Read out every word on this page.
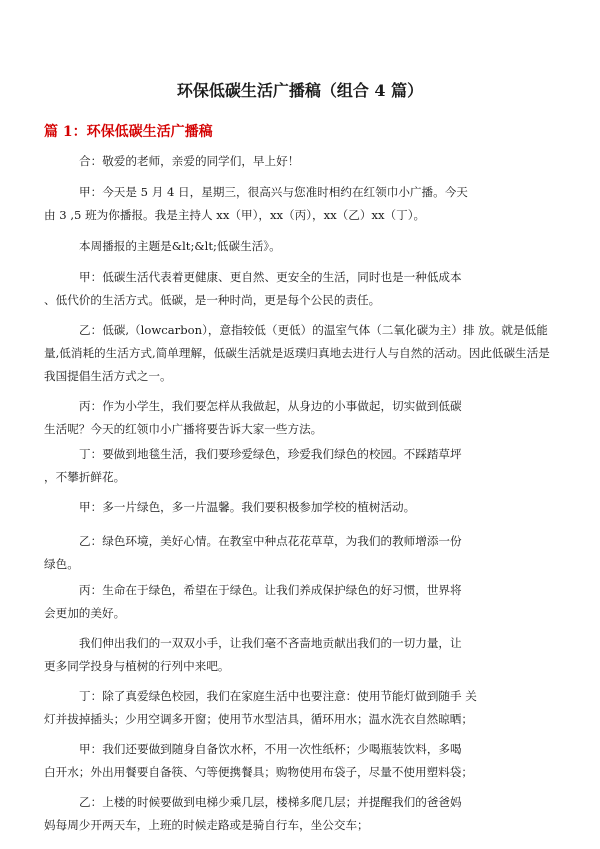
环保低碳生活广播稿（组合 4 篇）
篇 1：环保低碳生活广播稿

合：敬爱的老师，亲爱的同学们，早上好！

甲：今天是 5 月 4 日，星期三，很高兴与您准时相约在红领巾小广播。今天
由 3 ,5 班为你播报。我是主持人 xx（甲），xx（丙），xx（乙）xx（丁）。

本周播报的主题是&lt;&lt;低碳生活》。

甲：低碳生活代表着更健康、更自然、更安全的生活，同时也是一种低成本
、低代价的生活方式。低碳，是一种时尚，更是每个公民的责任。

乙：低碳,（lowcarbon），意指较低（更低）的温室气体（二氧化碳为主）排 放。就是低能
量,低消耗的生活方式,简单理解，低碳生活就是返璞归真地去进行人与自然的活动。因此低碳生活是
我国提倡生活方式之一。

丙：作为小学生，我们要怎样从我做起，从身边的小事做起，切实做到低碳
生活呢？今天的红领巾小广播将要告诉大家一些方法。

丁：要做到地毯生活，我们要珍爱绿色，珍爱我们绿色的校园。不踩踏草坪
，不攀折鲜花。

甲：多一片绿色，多一片温馨。我们要积极参加学校的植树活动。

乙：绿色环境，美好心情。在教室中种点花花草草，为我们的教师增添一份
绿色。

丙：生命在于绿色，希望在于绿色。让我们养成保护绿色的好习惯，世界将
会更加的美好。

我们伸出我们的一双双小手，让我们毫不吝啬地贡献出我们的一切力量，让
更多同学投身与植树的行列中来吧。

丁：除了真爱绿色校园，我们在家庭生活中也要注意：使用节能灯做到随手 关
灯并拔掉插头；少用空调多开窗；使用节水型洁具，循环用水；温水洗衣自然晾晒；

甲：我们还要做到随身自备饮水杯，不用一次性纸杯；少喝瓶装饮料，多喝
白开水；外出用餐要自备筷、勺等便携餐具；购物使用布袋子，尽量不使用塑料袋；

乙：上楼的时候要做到电梯少乘几层，楼梯多爬几层；并提醒我们的爸爸妈
妈每周少开两天车，上班的时候走路或是骑自行车，坐公交车；
